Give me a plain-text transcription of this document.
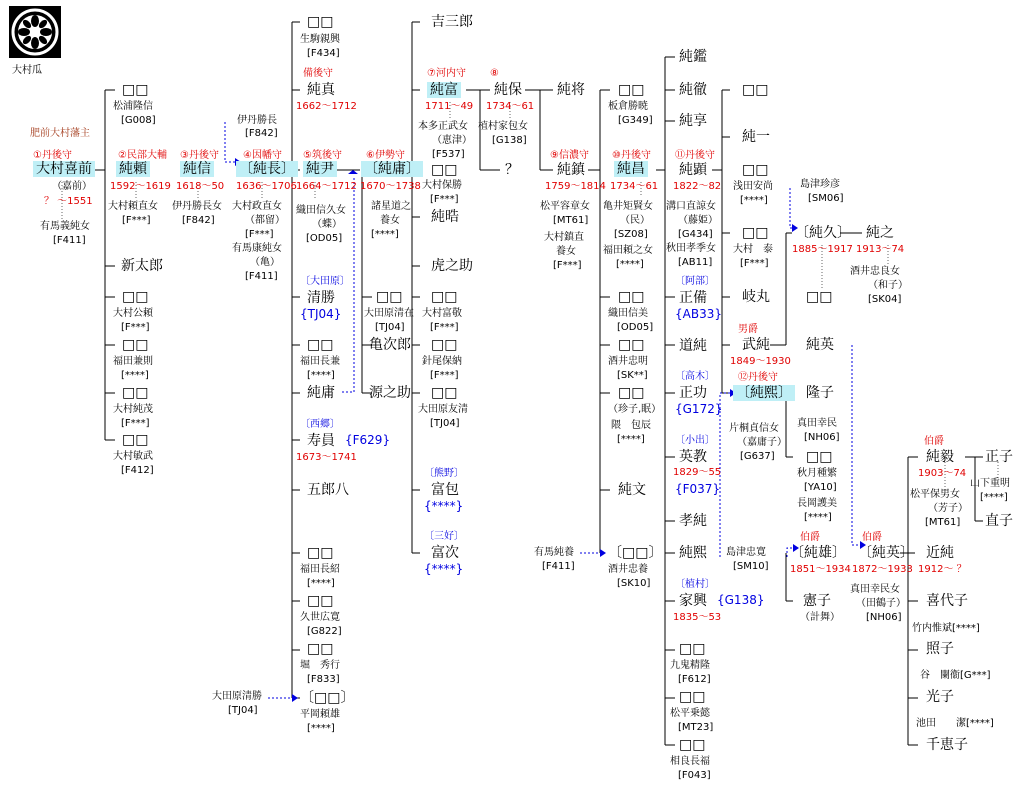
大村瓜
肥前大村藩主
①丹後守
大村喜前
（嘉前）
？ ～1551
有馬義純女
[F411]
□□
松浦隆信
[G008]
②民部大輔
純頼
1592～1619
大村頼直女
[F***]
新太郎
□□
大村公頼
[F***]
□□
福田兼則
[****]
□□
大村純茂
[F***]
□□
大村敏武
[F412]
伊丹勝長
[F842]
③丹後守
純信
1618～50
伊丹勝長女
[F842]
④因幡守
〔純長〕
1636～1706
大村政直女
（都留）
[F***]
有馬康純女
（亀）
[F411]
□□
生駒親興
[F434]
備後守
純真
1662～1712
⑤筑後守
純尹
1664～1712
織田信久女
（蝶）
[OD05]
〔大田原〕
清勝
{TJ04}
□□
福田長兼
[****]
純庸
〔西郷〕
寿員 {F629}
1673～1741
五郎八
□□
福田長紹
[****]
□□
久世広寛
[G822]
□□
堀　秀行
[F833]
〔□□〕
平岡頼雄
[****]
大田原清勝
[TJ04]
⑥伊勢守
〔純庸〕
1670～1738
諸星道之
養女
[****]
□□
大田原清在
[TJ04]
亀次郎
源之助
吉三郎
⑦河内守
純富
1711～49
本多正武女
（恵津）
[F537]
□□
大村保勝
[F***]
純晧
虎之助
□□
大村富敬
[F***]
□□
針尾保納
[F***]
□□
大田原友清
[TJ04]
〔熊野〕
富包
{****}
〔三好〕
富次
{****}
⑧
純保
1734～61
植村家包女
[G138]
？
純将
⑨信濃守
純鎮
1759～1814
松平容章女
[MT61]
大村鎮直
養女
[F***]
有馬純養
[F411]
□□
板倉勝暁
[G349]
⑩丹後守
純昌
1734～61
亀井矩賢女
（民）
[SZ08]
福田頼之女
[****]
□□
織田信美
[OD05]
□□
酒井忠明
[SK**]
□□
（珍子,眠）
隈　包辰
[****]
純文
〔□□〕
酒井忠養
[SK10]
純鑑
純徹
純享
⑪丹後守
純顕
1822～82
溝口直諒女
（藤姫）
[G434]
秋田孝季女
[AB11]
〔阿部〕
正備
{AB33}
道純
〔高木〕
正功
{G172}
〔小出〕
英教
1829～55
{F037}
孝純
純熙
〔植村〕
家興 {G138}
1835～53
□□
九鬼精隆
[F612]
□□
松平乗懿
[MT23]
□□
相良長福
[F043]
□□
純一
□□
浅田安尚
[****]
□□
大村　泰
[F***]
岐丸
男爵
武純
1849～1930
⑫丹後守
〔純熙〕
片桐貞信女
（嘉庸子）
[G637]
島津忠寛
[SM10]
伯爵
〔純雄〕
1851～1934
憲子
（計舞）
島津珍彦
[SM06]
〔純久〕
1885～1917
□□
純英
隆子
真田幸民
[NH06]
□□
秋月種繁
[YA10]
長岡護美
[****]
伯爵
〔純英〕
1872～1933
真田幸民女
（田鶴子）
[NH06]
純之
1913～74
酒井忠良女
（和子）
[SK04]
伯爵
純毅
1903～74
松平保男女
（芳子）
[MT61]
近純
1912～ ？
喜代子
竹内惟斌[****]
照子
谷　闌衞[G***]
光子
池田　　潔[****]
千恵子
正子
山下重明
[****]
直子
